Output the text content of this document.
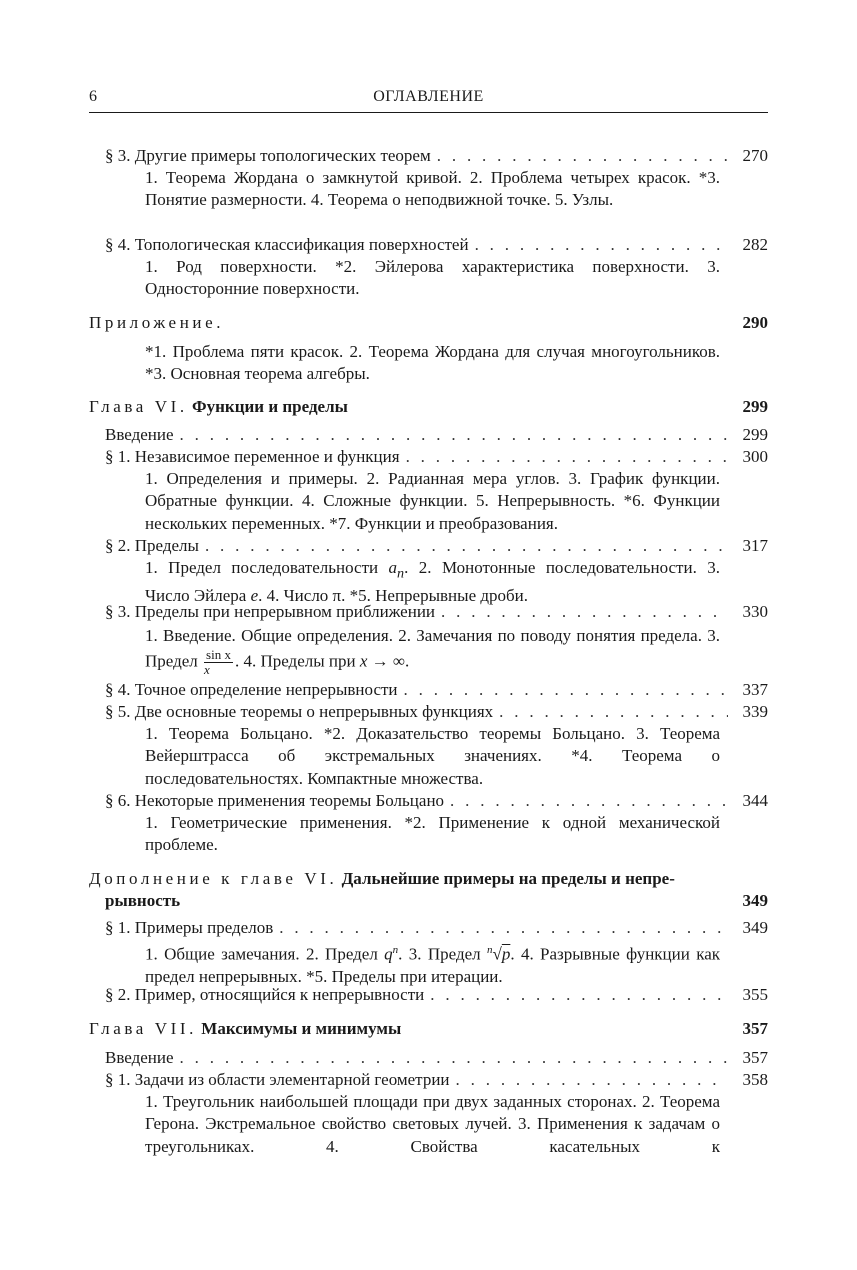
6	ОГЛАВЛЕНИЕ
§ 3. Другие примеры топологических теорем . . .	270
1. Теорема Жордана о замкнутой кривой. 2. Проблема четырех красок. *3. Понятие размерности. 4. Теорема о неподвижной точке. 5. Узлы.
§ 4. Топологическая классификация поверхностей . . .	282
1. Род поверхности. *2. Эйлерова характеристика поверхности. 3. Односторонние поверхности.
Приложение.	290
*1. Проблема пяти красок. 2. Теорема Жордана для случая многоугольников. *3. Основная теорема алгебры.
Глава VI. Функции и пределы	299
Введение . . .	299
§ 1. Независимое переменное и функция . . .	300
1. Определения и примеры. 2. Радианная мера углов. 3. График функции. Обратные функции. 4. Сложные функции. 5. Непрерывность. *6. Функции нескольких переменных. *7. Функции и преобразования.
§ 2. Пределы . . .	317
1. Предел последовательности $a_n$. 2. Монотонные последовательности. 3. Число Эйлера e. 4. Число π. *5. Непрерывные дроби.
§ 3. Пределы при непрерывном приближении . . .	330
1. Введение. Общие определения. 2. Замечания по поводу понятия предела. 3. Предел $\frac{\text{sin x}}{x}$ . 4. Пределы при x → ∞.
§ 4. Точное определение непрерывности . . .	337
§ 5. Две основные теоремы о непрерывных функциях . . .	339
1. Теорема Больцано. *2. Доказательство теоремы Больцано. 3. Теорема Вейерштрасса об экстремальных значениях. *4. Теорема о последовательностях. Компактные множества.
§ 6. Некоторые применения теоремы Больцано . . .	344
1. Геометрические применения. *2. Применение к одной механической проблеме.
Дополнение к главе VI. Дальнейшие примеры на пределы и непре-
рывность	349
§ 1. Примеры пределов . . .	349
1. Общие замечания. 2. Предел $q^n$. 3. Предел $^n$√p. 4. Разрывные функции как предел непрерывных. *5. Пределы при итерации.
§ 2. Пример, относящийся к непрерывности . . .	355
Глава VII. Максимумы и минимумы	357
Введение . . .	357
§ 1. Задачи из области элементарной геометрии . . .	358
1. Треугольник наибольшей площади при двух заданных сторонах. 2. Теорема Герона. Экстремальное свойство световых лучей. 3. Применения к задачам о треугольниках. 4. Свойства касательных к
